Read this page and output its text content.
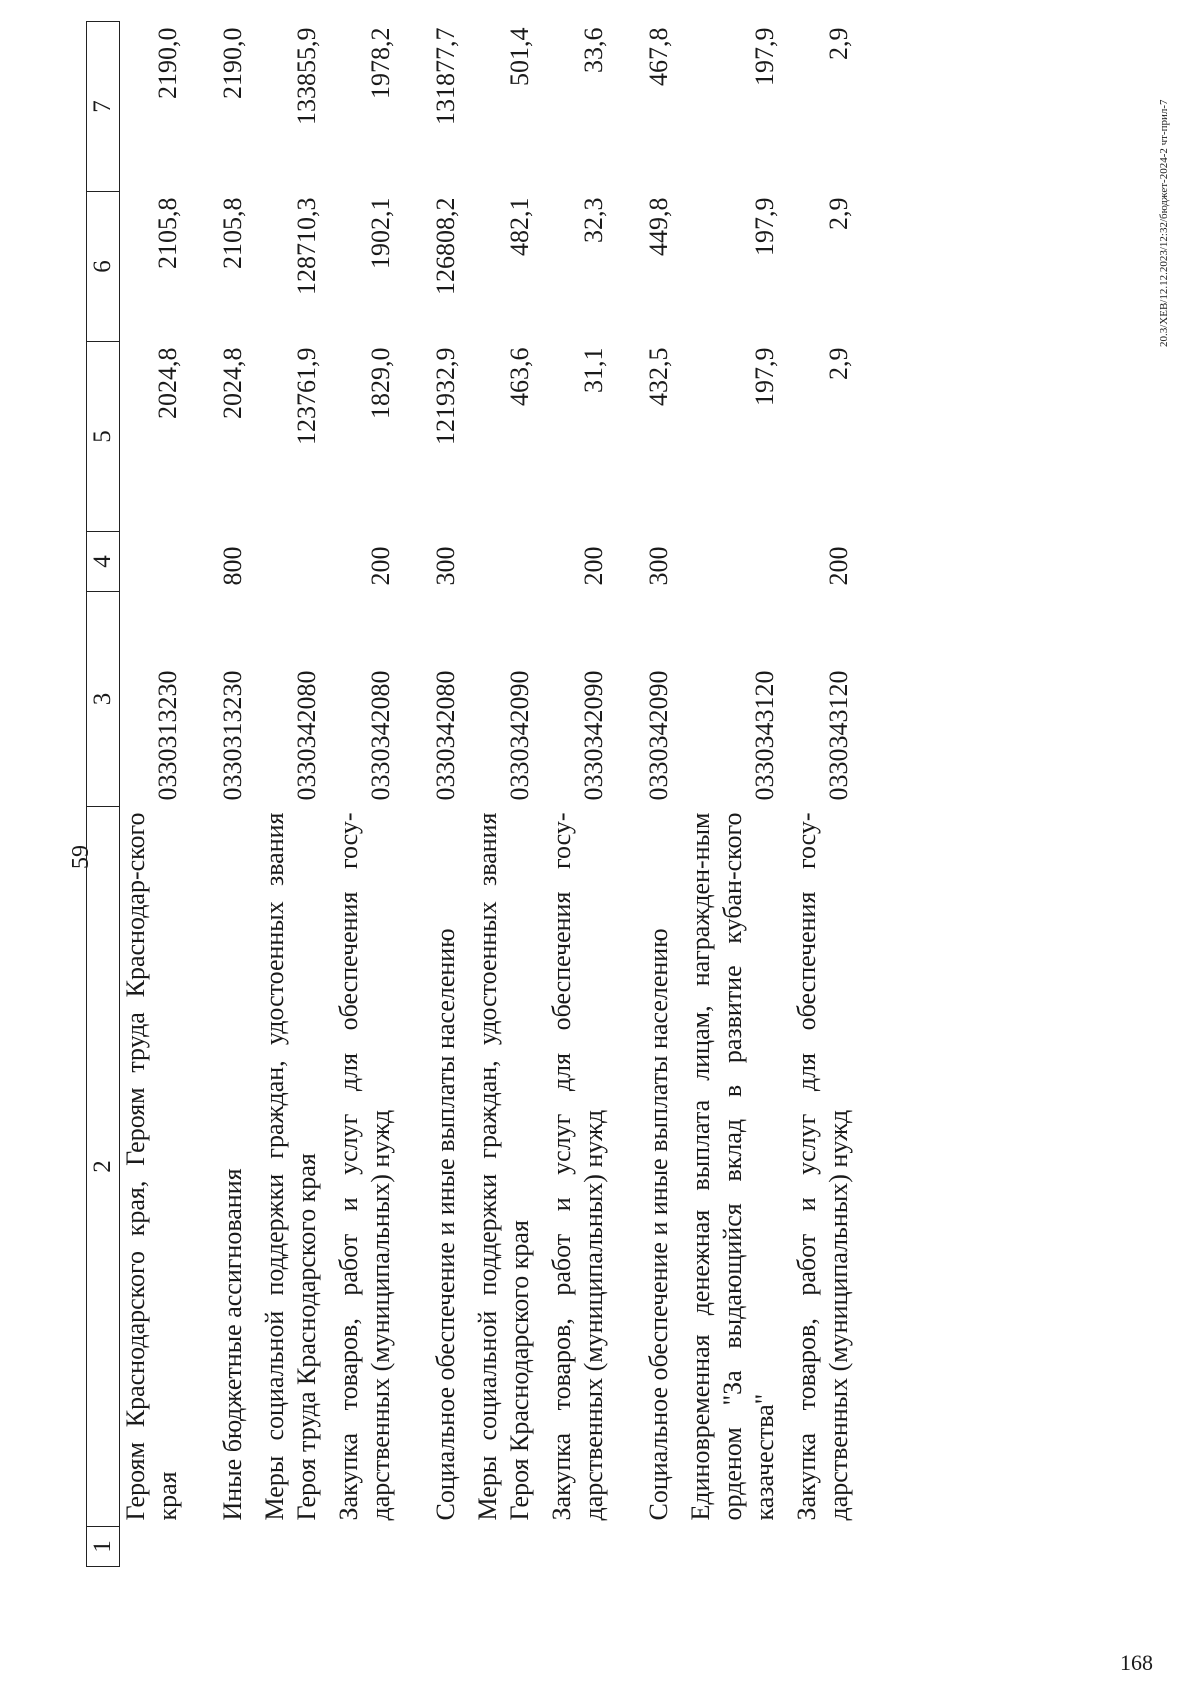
59
1	2	3	4	5	6	7
	Героям Краснодарского края, Героям труда Краснодар-ского края	0330313230		2024,8	2105,8	2190,0
	Иные бюджетные ассигнования	0330313230	800	2024,8	2105,8	2190,0
	Меры социальной поддержки граждан, удостоенных звания Героя труда Краснодарского края	0330342080		123761,9	128710,3	133855,9
	Закупка товаров, работ и услуг для обеспечения госу-дарственных (муниципальных) нужд	0330342080	200	1829,0	1902,1	1978,2
	Социальное обеспечение и иные выплаты населению	0330342080	300	121932,9	126808,2	131877,7
	Меры социальной поддержки граждан, удостоенных звания Героя Краснодарского края	0330342090		463,6	482,1	501,4
	Закупка товаров, работ и услуг для обеспечения госу-дарственных (муниципальных) нужд	0330342090	200	31,1	32,3	33,6
	Социальное обеспечение и иные выплаты населению	0330342090	300	432,5	449,8	467,8
	Единовременная денежная выплата лицам, награжден-ным орденом "За выдающийся вклад в развитие кубан-ского казачества"	0330343120		197,9	197,9	197,9
	Закупка товаров, работ и услуг для обеспечения госу-дарственных (муниципальных) нужд	0330343120	200	2,9	2,9	2,9
20.3/ХЕВ/12.12.2023/12:32/бюджет-2024-2 чт-прил-7
168
